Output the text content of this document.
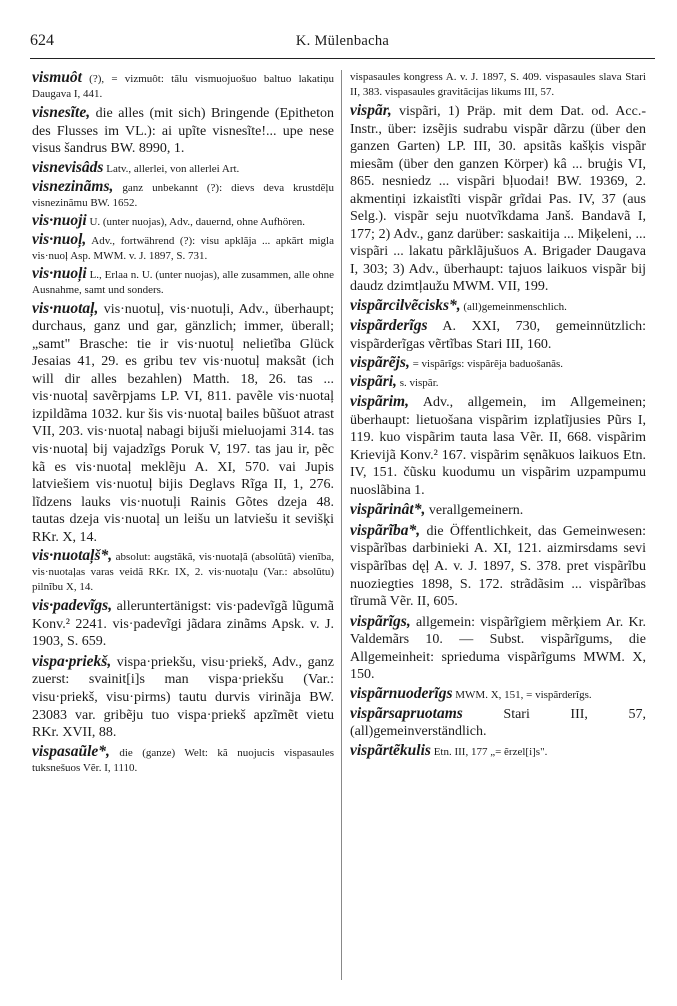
624	K. Mülenbacha

vismuôt (?), = vizmuôt: tãlu vismuojuošuo baltuo lakatiņu Daugava I, 441.

visnesĩte, die alles (mit sich) Bringende (Epitheton des Flusses im VL.): ai upĩte visnesĩte!... upe nese visus šandrus BW. 8990, 1.

visnevisâds Latv., allerlei, von allerlei Art.

visnezinãms, ganz unbekannt (?): dievs deva krustdẽļu visnezinãmu BW. 1652.

vis·nuoji U. (unter nuojas), Adv., dauernd, ohne Aufhören.

vis·nuoļ, Adv., fortwährend (?): visu apklãja ... apkãrt migla vis·nuoļ Asp. MWM. v. J. 1897, S. 731.

vis·nuoļi L., Erlaa n. U. (unter nuojas), alle zusammen, alle ohne Ausnahme, samt und sonders.

vis·nuotaļ, vis·nuotuļ, vis·nuotuļi, Adv., überhaupt; durchaus, ganz und gar, gänzlich; immer, überall; „samt" Brasche: tie ir vis·nuotuļ nelietĩba Glück Jesaias 41, 29. es gribu tev vis·nuotuļ maksãt (ich will dir alles bezahlen) Matth. 18, 26. tas ... vis·nuotaļ savẽrpjams LP. VI, 811. pavẽle vis·nuotaļ izpildãma 1032. kur šis vis·nuotaļ bailes bũšuot atrast VII, 203. vis·nuotaļ nabagi bijuši mieluojami 314. tas vis·nuotaļ bij vajadzĩgs Poruk V, 197. tas jau ir, pẽc kã es vis·nuotaļ meklẽju A. XI, 570. vai Jupis latviešiem vis·nuotuļ bijis Deglavs Rĩga II, 1, 276. lĩdzens lauks vis·nuotuļi Rainis Gõtes dzeja 48. tautas dzeja vis·nuotaļ un leišu un latviešu it sevišķi RKr. X, 14.

vis·nuotaļš*, absolut: augstãkã, vis·nuotaļã (absolũtã) vienĩba, vis·nuotaļas varas veidã RKr. IX, 2. vis·nuotaļu (Var.: absolũtu) pilnĩbu X, 14.

vis·padevĩgs, alleruntertänigst: vis·padevĩgã lũgumã Konv.² 2241. vis·padevĩgi jãdara zinãms Apsk. v. J. 1903, S. 659.

vispa·priekš, vispa·priekšu, visu·priekš, Adv., ganz zuerst: svainit[i]s man vispa·priekšu (Var.: visu·priekš, visu·pirms) tautu durvis virinãja BW. 23083 var. gribẽju tuo vispa·priekš apzĩmẽt vietu RKr. XVII, 88.

vispasaũle*, die (ganze) Welt: kã nuojucis vispasaules tuksnešuos Vẽr. I, 1110.

vispasaules kongress A. v. J. 1897, S. 409. vispasaules slava Stari II, 383. vispasaules gravitãcijas likums III, 57.

vispãr, vispãri, 1) Präp. mit dem Dat. od. Acc.-Instr., über: izsẽjis sudrabu vispãr dãrzu (über den ganzen Garten) LP. III, 30. apsitãs kašķis vispãr miesãm (über den ganzen Körper) kâ ... bruģis VI, 865. nesniedz ... vispãri bļuodai! BW. 19369, 2. akmentiņi izkaistĩti vispãr grĩdai Pas. IV, 37 (aus Selg.). vispãr seju nuotvĩkdama Janš. Bandavã I, 177; 2) Adv., ganz darüber: saskaitija ... Miķeleni, ... vispãri ... lakatu pãrklãjušuos A. Brigader Daugava I, 303; 3) Adv., überhaupt: tajuos laikuos vispãr bij daudz dzimtļaužu MWM. VII, 199.

vispãrcilvẽcisks*, (all)gemeinmenschlich.

vispãrderĩgs A. XXI, 730, gemeinnützlich: vispãrderĩgas vẽrtĩbas Stari III, 160.

vispãrẽjs, = vispãrĩgs: vispãrẽja baduošanãs.

vispãri, s. vispãr.

vispãrim, Adv., allgemein, im Allgemeinen; überhaupt: lietuošana vispãrim izplatĩjusies Pũrs I, 119. kuo vispãrim tauta lasa Vẽr. II, 668. vispãrim Krievijã Konv.² 167. vispãrim sęnãkuos laikuos Etn. IV, 151. čũsku kuodumu un vispãrim uzpampumu nuoslãbina 1.

vispãrinât*, verallgemeinern.

vispãrĩba*, die Öffentlichkeit, das Gemeinwesen: vispãrĩbas darbinieki A. XI, 121. aizmirsdams sevi vispãrĩbas dęļ A. v. J. 1897, S. 378. pret vispãrĩbu nuoziegties 1898, S. 172. strãdãsim ... vispãrĩbas tĩrumã Vẽr. II, 605.

vispãrĩgs, allgemein: vispãrĩgiem mẽrķiem Ar. Kr. Valdemãrs 10. — Subst. vispãrĩgums, die Allgemeinheit: sprieduma vispãrĩgums MWM. X, 150.

vispãrnuoderĩgs MWM. X, 151, = vispãrderĩgs.

vispãrsapruotams Stari III, 57, (all)gemeinverständlich.

vispãrtẽkulis Etn. III, 177 „= ẽrzel[i]s".
